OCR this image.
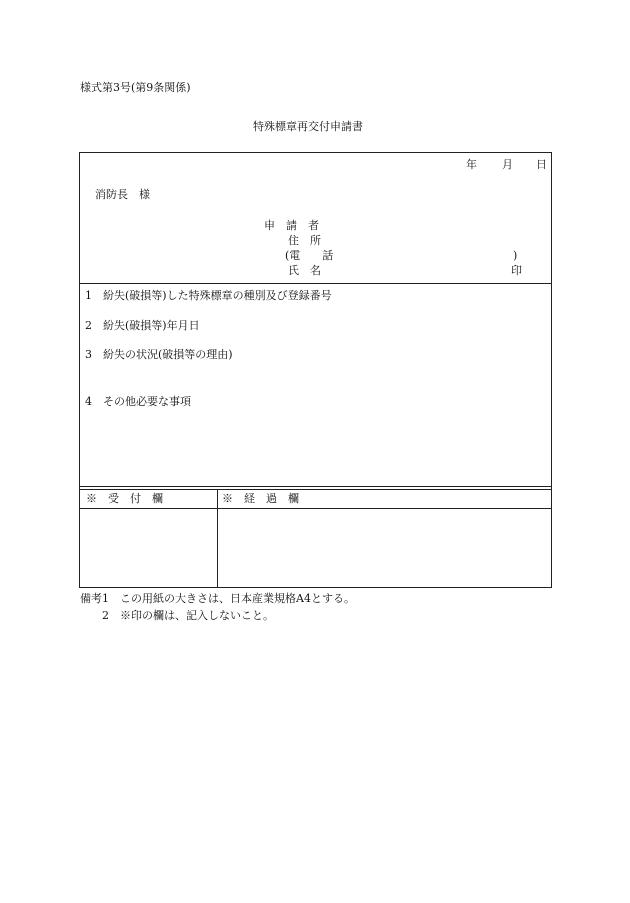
様式第3号(第9条関係)
特殊標章再交付申請書
年 月 日
消防長　様
申　請　者
住　所
(電　　話	)
氏　名	印
1　紛失(破損等)した特殊標章の種別及び登録番号
2　紛失(破損等)年月日
3　紛失の状況(破損等の理由)
4　その他必要な事項
※　受　付　欄	※　経　過　欄
備考1　この用紙の大きさは、日本産業規格A4とする。
2　※印の欄は、記入しないこと。
